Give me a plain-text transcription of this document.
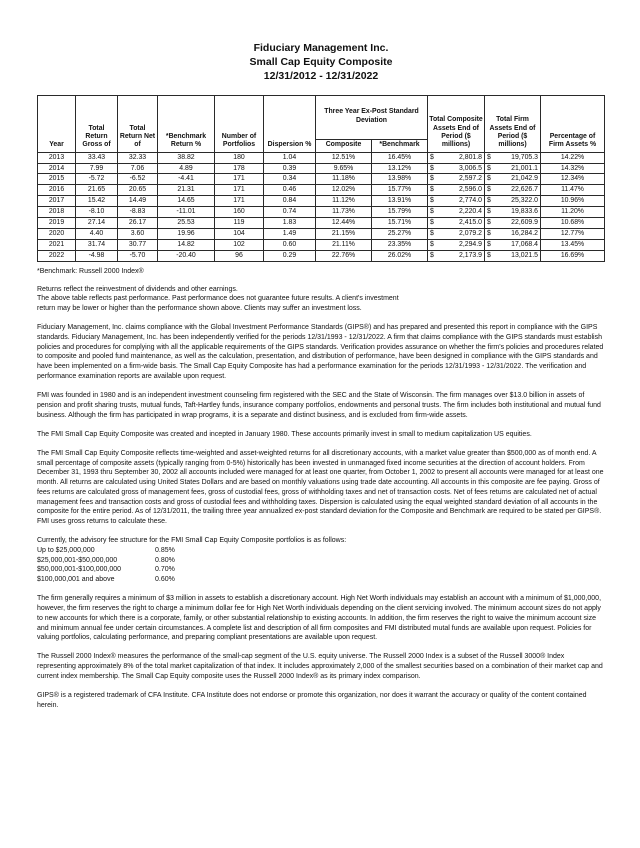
Fiduciary Management Inc.
Small Cap Equity Composite
12/31/2012 - 12/31/2022
Year	Total Return Gross of	Total Return Net of	*Benchmark Return %	Number of Portfolios	Dispersion %	Three Year Ex-Post Standard Deviation		Total Composite Assets End of Period ($ millions)	Total Firm Assets End of Period ($ millions)	Percentage of Firm Assets %
						Composite	*Benchmark			
2013	33.43	32.33	38.82	180	1.04	12.51%	16.45%	$ 2,801.8	$ 19,705.3	14.22%
2014	7.99	7.06	4.89	178	0.39	9.65%	13.12%	$ 3,006.5	$ 21,001.1	14.32%
2015	-5.72	-6.52	-4.41	171	0.34	11.18%	13.98%	$ 2,597.2	$ 21,042.9	12.34%
2016	21.65	20.65	21.31	171	0.46	12.02%	15.77%	$ 2,596.0	$ 22,626.7	11.47%
2017	15.42	14.49	14.65	171	0.84	11.12%	13.91%	$ 2,774.0	$ 25,322.0	10.96%
2018	-8.10	-8.83	-11.01	160	0.74	11.73%	15.79%	$ 2,220.4	$ 19,833.6	11.20%
2019	27.14	26.17	25.53	119	1.83	12.44%	15.71%	$ 2,415.0	$ 22,609.9	10.68%
2020	4.40	3.60	19.96	104	1.49	21.15%	25.27%	$ 2,079.2	$ 16,284.2	12.77%
2021	31.74	30.77	14.82	102	0.60	21.11%	23.35%	$ 2,294.9	$ 17,068.4	13.45%
2022	-4.98	-5.70	-20.40	96	0.29	22.76%	26.02%	$ 2,173.9	$ 13,021.5	16.69%
*Benchmark: Russell 2000 Index®
Returns reflect the reinvestment of dividends and other earnings.
The above table reflects past performance. Past performance does not guarantee future results. A client's investment
return may be lower or higher than the performance shown above. Clients may suffer an investment loss.

Fiduciary Management, Inc. claims compliance with the Global Investment Performance Standards (GIPS®) and has prepared and presented this report in compliance with the GIPS standards. Fiduciary Management, Inc. has been independently verified for the periods 12/31/1993 - 12/31/2022. A firm that claims compliance with the GIPS standards must establish policies and procedures for complying with all the applicable requirements of the GIPS standards. Verification provides assurance on whether the firm's policies and procedures related to composite and pooled fund maintenance, as well as the calculation, presentation, and distribution of performance, have been designed in compliance with the GIPS standards and have been implemented on a firm-wide basis. The Small Cap Equity Composite has had a performance examination for the periods 12/31/1993 - 12/31/2022. The verification and performance examination reports are available upon request.

FMI was founded in 1980 and is an independent investment counseling firm registered with the SEC and the State of Wisconsin. The firm manages over $13.0 billion in assets of pension and profit sharing trusts, mutual funds, Taft-Hartley funds, insurance company portfolios, endowments and personal trusts. The firm includes both institutional and mutual fund business. Although the firm has participated in wrap programs, it is a separate and distinct business, and is excluded from firm-wide assets.

The FMI Small Cap Equity Composite was created and incepted in January 1980. These accounts primarily invest in small to medium capitalization US equities.

The FMI Small Cap Equity Composite reflects time-weighted and asset-weighted returns for all discretionary accounts, with a market value greater than $500,000 as of month end. A small percentage of composite assets (typically ranging from 0-5%) historically has been invested in unmanaged fixed income securities at the direction of account holders. From December 31, 1993 thru September 30, 2002 all accounts included were managed for at least one quarter, from October 1, 2002 to present all accounts were managed for at least one month. All returns are calculated using United States Dollars and are based on monthly valuations using trade date accounting. All accounts in this composite are fee paying. Gross of fees returns are calculated gross of management fees, gross of custodial fees, gross of withholding taxes and net of transaction costs. Net of fees returns are calculated net of actual management fees and transaction costs and gross of custodial fees and withholding taxes. Dispersion is calculated using the equal weighted standard deviation of all accounts in the composite for the entire period. As of 12/31/2011, the trailing three year annualized ex-post standard deviation for the Composite and Benchmark are required to be stated per GIPS®. FMI uses gross returns to calculate these.

Currently, the advisory fee structure for the FMI Small Cap Equity Composite portfolios is as follows:
Up to $25,000,000	0.85%
$25,000,001-$50,000,000	0.80%
$50,000,001-$100,000,000	0.70%
$100,000,001 and above	0.60%

The firm generally requires a minimum of $3 million in assets to establish a discretionary account. High Net Worth individuals may establish an account with a minimum of $1,000,000, however, the firm reserves the right to charge a minimum dollar fee for High Net Worth individuals depending on the client servicing involved. The minimum account sizes do not apply to new accounts for which there is a corporate, family, or other substantial relationship to existing accounts. In addition, the firm reserves the right to waive the minimum account size and minimum annual fee under certain circumstances. A complete list and description of all firm composites and FMI distributed mutal funds are available upon request. Policies for valuing portfolios, calculating performance, and preparing compliant presentations are available upon request.

The Russell 2000 Index® measures the performance of the small-cap segment of the U.S. equity universe. The Russell 2000 Index is a subset of the Russell 3000® Index representing approximately 8% of the total market capitalization of that index. It includes approximately 2,000 of the smallest securities based on a combination of their market cap and current index membership. The Small Cap Equity composite uses the Russell 2000 Index® as its primary index comparison.

GIPS® is a registered trademark of CFA Institute. CFA Institute does not endorse or promote this organization, nor does it warrant the accuracy or quality of the content contained herein.
